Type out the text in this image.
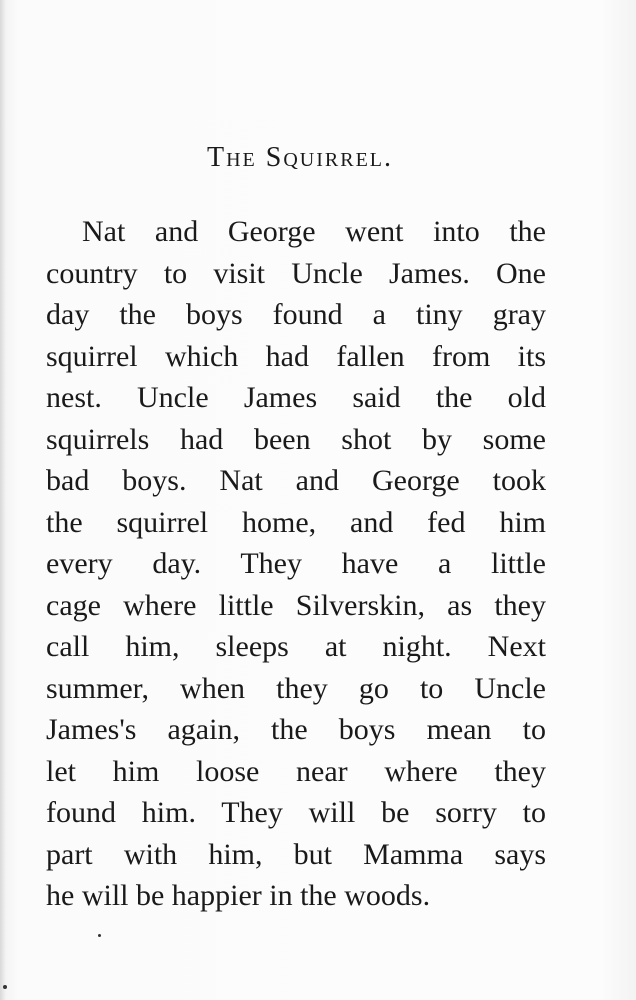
The Squirrel.
Nat and George went into the
country to visit Uncle James. One
day the boys found a tiny gray
squirrel which had fallen from its
nest. Uncle James said the old
squirrels had been shot by some
bad boys. Nat and George took
the squirrel home, and fed him
every day. They have a little
cage where little Silverskin, as they
call him, sleeps at night. Next
summer, when they go to Uncle
James's again, the boys mean to
let him loose near where they
found him. They will be sorry to
part with him, but Mamma says
he will be happier in the woods.
